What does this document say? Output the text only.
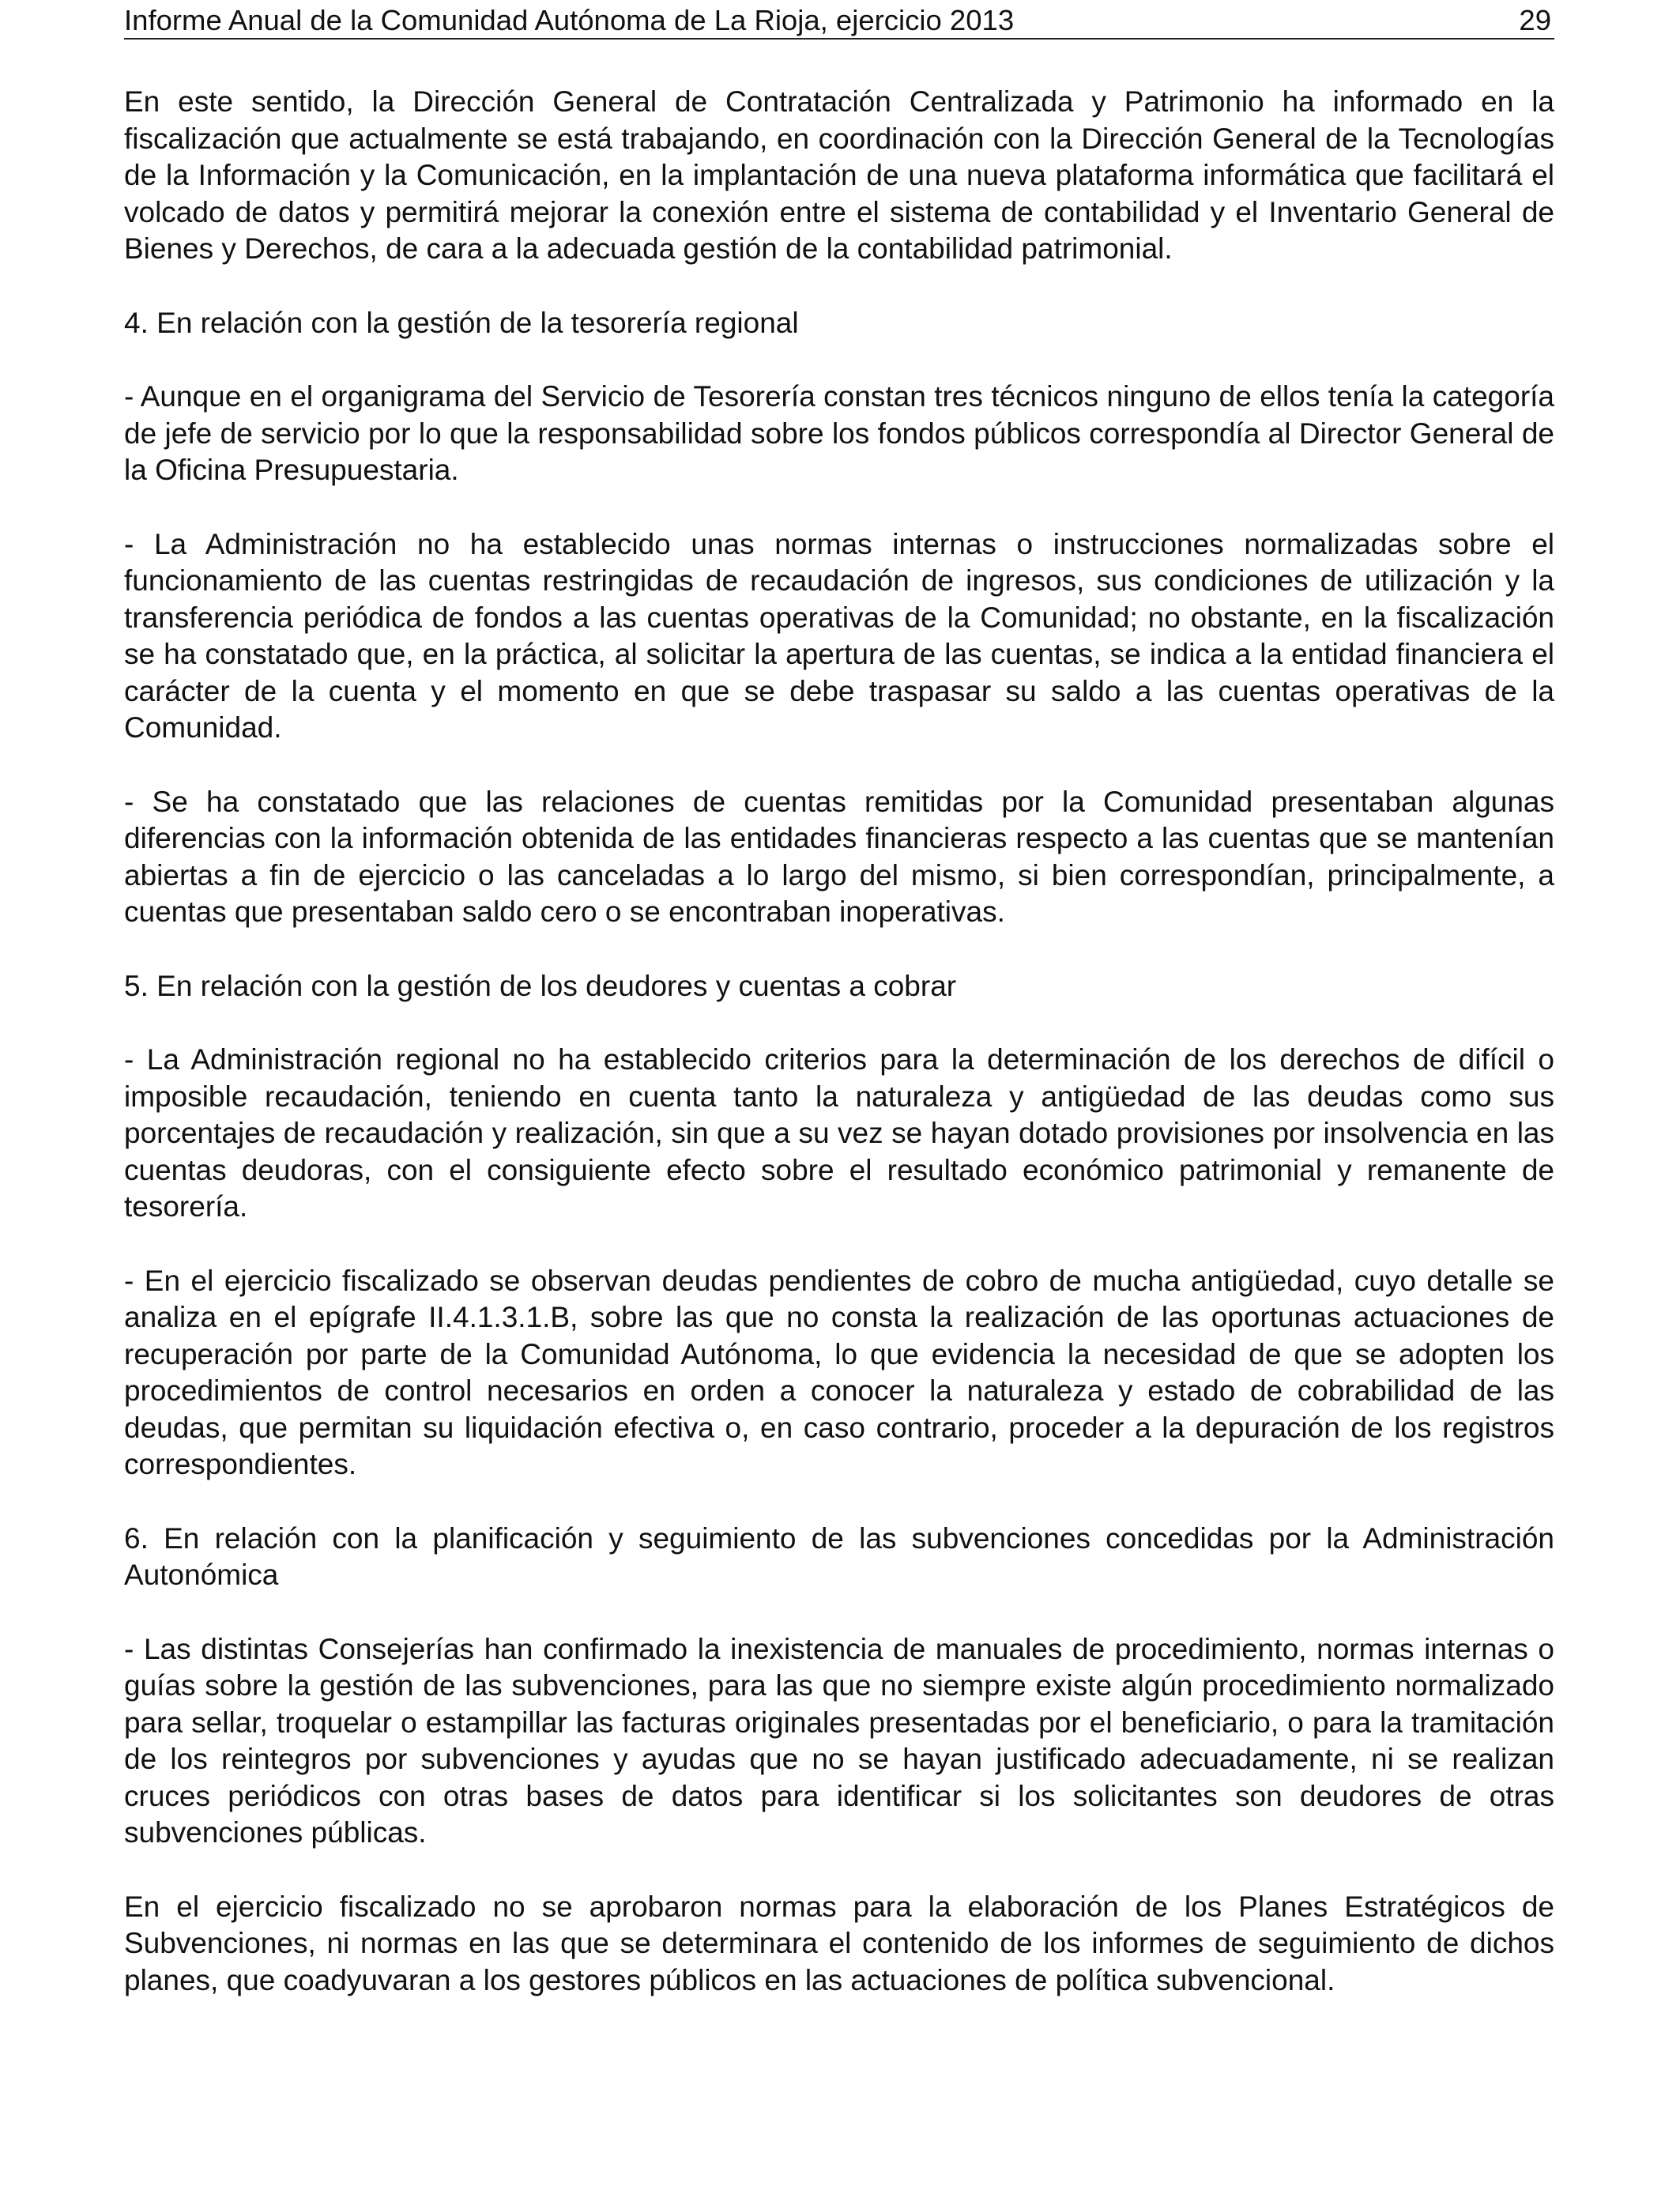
Informe Anual de la Comunidad Autónoma de La Rioja, ejercicio 2013	29

En este sentido, la Dirección General de Contratación Centralizada y Patrimonio ha informado en la fiscalización que actualmente se está trabajando, en coordinación con la Dirección General de la Tecnologías de la Información y la Comunicación, en la implantación de una nueva plataforma informática que facilitará el volcado de datos y permitirá mejorar la conexión entre el sistema de contabilidad y el Inventario General de Bienes y Derechos, de cara a la adecuada gestión de la contabilidad patrimonial.

4. En relación con la gestión de la tesorería regional

- Aunque en el organigrama del Servicio de Tesorería constan tres técnicos ninguno de ellos tenía la categoría de jefe de servicio por lo que la responsabilidad sobre los fondos públicos correspondía al Director General de la Oficina Presupuestaria.

- La Administración no ha establecido unas normas internas o instrucciones normalizadas sobre el funcionamiento de las cuentas restringidas de recaudación de ingresos, sus condiciones de utilización y la transferencia periódica de fondos a las cuentas operativas de la Comunidad; no obstante, en la fiscalización se ha constatado que, en la práctica, al solicitar la apertura de las cuentas, se indica a la entidad financiera el carácter de la cuenta y el momento en que se debe traspasar su saldo a las cuentas operativas de la Comunidad.

- Se ha constatado que las relaciones de cuentas remitidas por la Comunidad presentaban algunas diferencias con la información obtenida de las entidades financieras respecto a las cuentas que se mantenían abiertas a fin de ejercicio o las canceladas a lo largo del mismo, si bien correspondían, principalmente, a cuentas que presentaban saldo cero o se encontraban inoperativas.

5. En relación con la gestión de los deudores y cuentas a cobrar

- La Administración regional no ha establecido criterios para la determinación de los derechos de difícil o imposible recaudación, teniendo en cuenta tanto la naturaleza y antigüedad de las deudas como sus porcentajes de recaudación y realización, sin que a su vez se hayan dotado provisiones por insolvencia en las cuentas deudoras, con el consiguiente efecto sobre el resultado económico patrimonial y remanente de tesorería.

- En el ejercicio fiscalizado se observan deudas pendientes de cobro de mucha antigüedad, cuyo detalle se analiza en el epígrafe II.4.1.3.1.B, sobre las que no consta la realización de las oportunas actuaciones de recuperación por parte de la Comunidad Autónoma, lo que evidencia la necesidad de que se adopten los procedimientos de control necesarios en orden a conocer la naturaleza y estado de cobrabilidad de las deudas, que permitan su liquidación efectiva o, en caso contrario, proceder a la depuración de los registros correspondientes.

6. En relación con la planificación y seguimiento de las subvenciones concedidas por la Administración Autonómica

- Las distintas Consejerías han confirmado la inexistencia de manuales de procedimiento, normas internas o guías sobre la gestión de las subvenciones, para las que no siempre existe algún procedimiento normalizado para sellar, troquelar o estampillar las facturas originales presentadas por el beneficiario, o para la tramitación de los reintegros por subvenciones y ayudas que no se hayan justificado adecuadamente, ni se realizan cruces periódicos con otras bases de datos para identificar si los solicitantes son deudores de otras subvenciones públicas.

En el ejercicio fiscalizado no se aprobaron normas para la elaboración de los Planes Estratégicos de Subvenciones, ni normas en las que se determinara el contenido de los informes de seguimiento de dichos planes, que coadyuvaran a los gestores públicos en las actuaciones de política subvencional.
